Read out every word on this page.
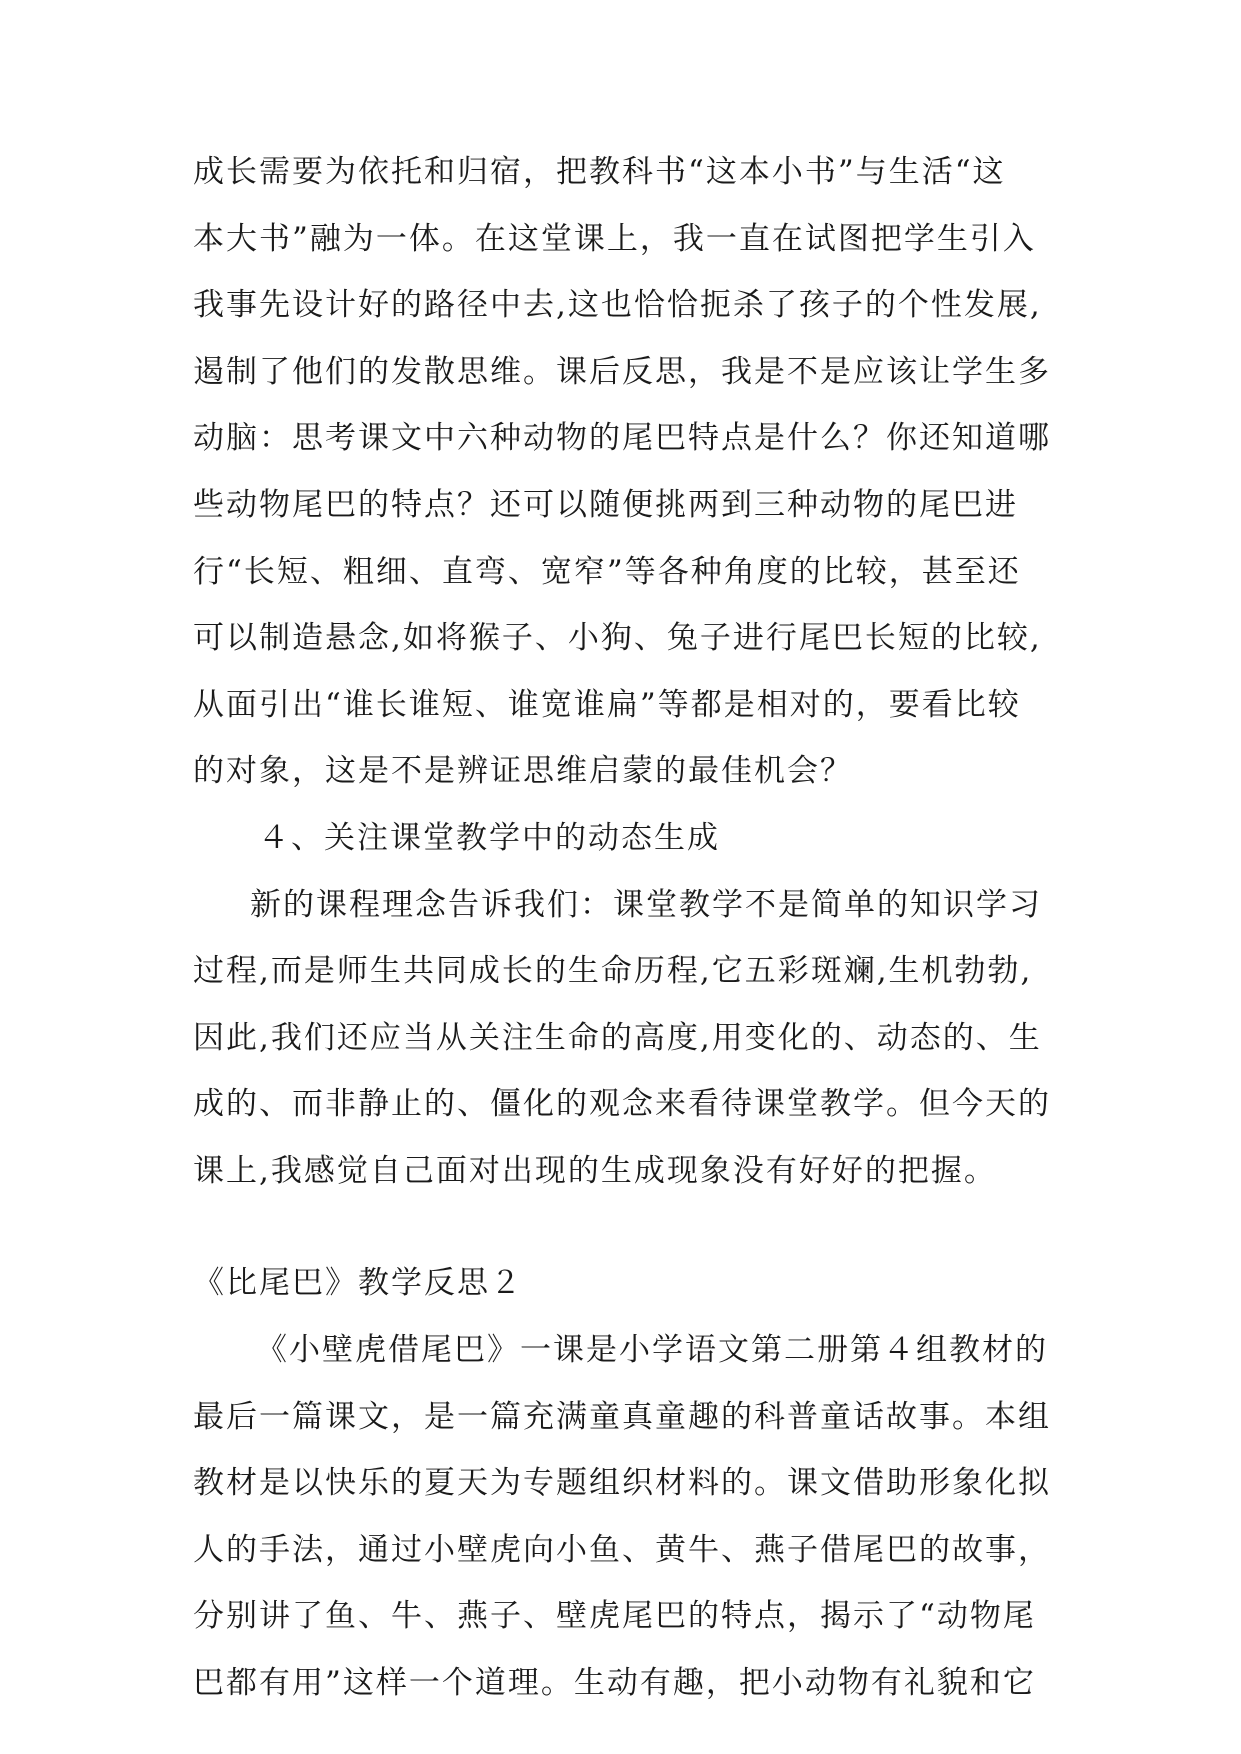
成长需要为依托和归宿，把教科书“这本小书”与生活“这
本大书”融为一体。在这堂课上，我一直在试图把学生引入
我事先设计好的路径中去,这也恰恰扼杀了孩子的个性发展,
遏制了他们的发散思维。课后反思，我是不是应该让学生多
动脑：思考课文中六种动物的尾巴特点是什么？你还知道哪
些动物尾巴的特点？还可以随便挑两到三种动物的尾巴进
行“长短、粗细、直弯、宽窄”等各种角度的比较，甚至还
可以制造悬念,如将猴子、小狗、兔子进行尾巴长短的比较,
从面引出“谁长谁短、谁宽谁扁”等都是相对的，要看比较
的对象，这是不是辨证思维启蒙的最佳机会？
４、关注课堂教学中的动态生成
新的课程理念告诉我们：课堂教学不是简单的知识学习
过程,而是师生共同成长的生命历程,它五彩斑斓,生机勃勃,
因此,我们还应当从关注生命的高度,用变化的、动态的、生
成的、而非静止的、僵化的观念来看待课堂教学。但今天的
课上,我感觉自己面对出现的生成现象没有好好的把握。
《比尾巴》教学反思２
《小壁虎借尾巴》一课是小学语文第二册第４组教材的
最后一篇课文，是一篇充满童真童趣的科普童话故事。本组
教材是以快乐的夏天为专题组织材料的。课文借助形象化拟
人的手法，通过小壁虎向小鱼、黄牛、燕子借尾巴的故事，
分别讲了鱼、牛、燕子、壁虎尾巴的特点，揭示了“动物尾
巴都有用”这样一个道理。生动有趣，把小动物有礼貌和它
